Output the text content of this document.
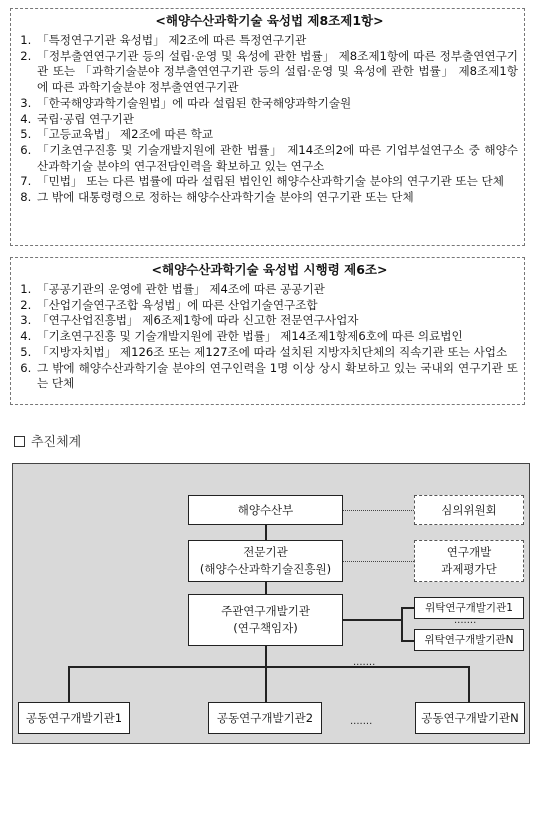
<해양수산과학기술 육성법 제8조제1항>
1. 「특정연구기관 육성법」 제2조에 따른 특정연구기관
2. 「정부출연연구기관 등의 설립·운영 및 육성에 관한 법률」 제8조제1항에 따른 정부출연연구기관 또는 「과학기술분야 정부출연연구기관 등의 설립·운영 및 육성에 관한 법률」 제8조제1항에 따른 과학기술분야 정부출연연구기관
3. 「한국해양과학기술원법」에 따라 설립된 한국해양과학기술원
4. 국립·공립 연구기관
5. 「고등교육법」 제2조에 따른 학교
6. 「기초연구진흥 및 기술개발지원에 관한 법률」 제14조의2에 따른 기업부설연구소 중 해양수산과학기술 분야의 연구전담인력을 확보하고 있는 연구소
7. 「민법」 또는 다른 법률에 따라 설립된 법인인 해양수산과학기술 분야의 연구기관 또는 단체
8. 그 밖에 대통령령으로 정하는 해양수산과학기술 분야의 연구기관 또는 단체
<해양수산과학기술 육성법 시행령 제6조>
1. 「공공기관의 운영에 관한 법률」 제4조에 따른 공공기관
2. 「산업기술연구조합 육성법」에 따른 산업기술연구조합
3. 「연구산업진흥법」 제6조제1항에 따라 신고한 전문연구사업자
4. 「기초연구진흥 및 기술개발지원에 관한 법률」 제14조제1항제6호에 따른 의료법인
5. 「지방자치법」 제126조 또는 제127조에 따라 설치된 지방자치단체의 직속기관 또는 사업소
6. 그 밖에 해양수산과학기술 분야의 연구인력을 1명 이상 상시 확보하고 있는 국내외 연구기관 또는 단체
추진체계
해양수산부	심의위원회
전문기관
(해양수산과학기술진흥원)
연구개발
과제평가단
주관연구개발기관
(연구책임자)
위탁연구개발기관1
위탁연구개발기관N
.......
.......
공동연구개발기관1	공동연구개발기관2	.......	공동연구개발기관N
